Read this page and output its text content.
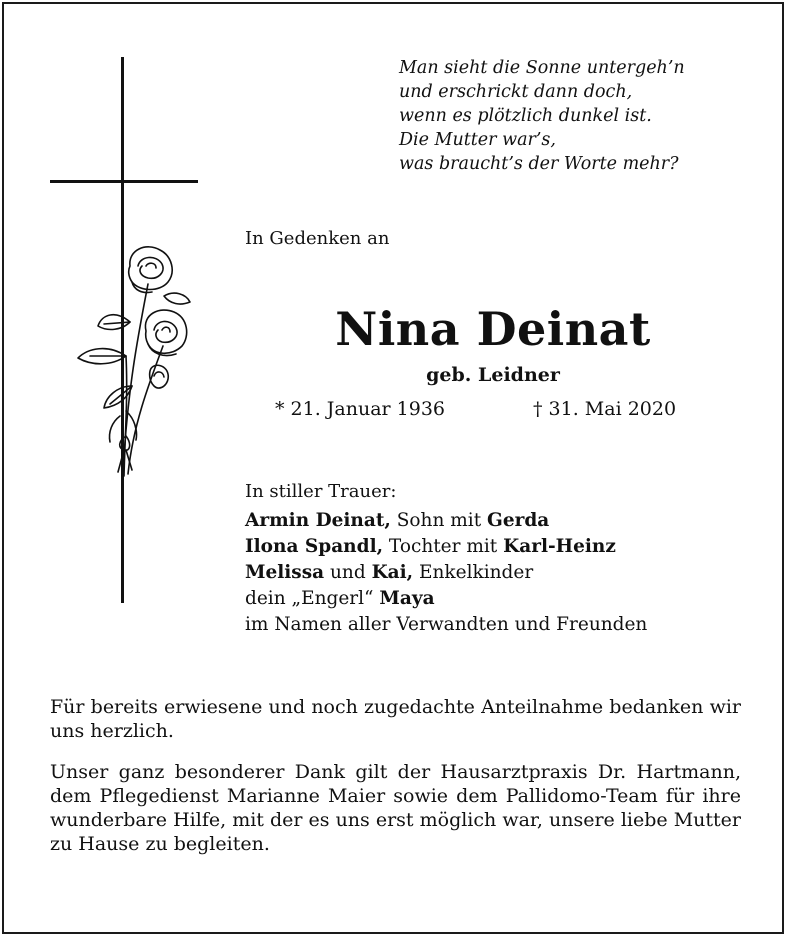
Man sieht die Sonne untergeh’n
und erschrickt dann doch,
wenn es plötzlich dunkel ist.
Die Mutter war’s,
was braucht’s der Worte mehr?
In Gedenken an
Nina Deinat
geb. Leidner
* 21. Januar 1936	† 31. Mai 2020
In stiller Trauer:
Armin Deinat, Sohn mit Gerda
Ilona Spandl, Tochter mit Karl-Heinz
Melissa und Kai, Enkelkinder
dein „Engerl“ Maya
im Namen aller Verwandten und Freunden
Für bereits erwiesene und noch zugedachte Anteilnahme bedanken wir uns herzlich.
Unser ganz besonderer Dank gilt der Hausarztpraxis Dr. Hartmann, dem Pflegedienst Marianne Maier sowie dem Pallidomo-Team für ihre wunderbare Hilfe, mit der es uns erst möglich war, unsere liebe Mutter zu Hause zu begleiten.
